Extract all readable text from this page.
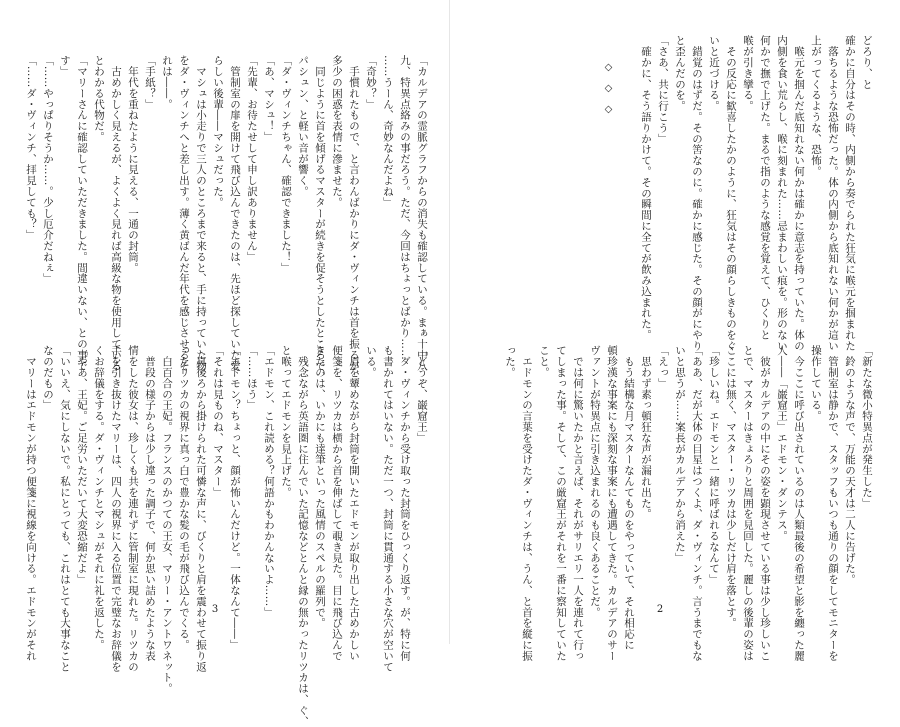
「カルデアの霊脈グラフからの消失も確認している。まぁ十中八
九、特異点絡みの事だろう。ただ、今回はちょっとばかり……
……うーん、奇妙なんだよね」
「奇妙？」
　手慣れたもので、と言わんばかりにダ・ヴィンチは首を振るが、
多少の困惑を表情に滲ませた。
　同じように首を傾げるマスターが続きを促そうとしたところで、
パシュン、と軽い音が響く。
「ダ・ヴィンチちゃん、確認できました！」
「あ、マシュ！」
「先輩、お待たせして申し訳ありません」
　管制室の扉を開けて飛び込んできたのは、先ほど探していた愛
らしい後輩――マシュだった。
　マシュは小走りで三人のところまで来ると、手に持っていた物
をダ・ヴィンチへと差し出す。薄く黄ばんだ年代を感じさせるそ
れは――。
「手紙？」
　年代を重ねたように見える、一通の封筒。
　古めかしく見えるが、よくよく見れば高級な物を使用している
とわかる代物だ。
「マリーさんに確認していただきました。間違いない、との事で
す」
「……やっぱりそうか……。少し厄介だねぇ」
「……ダ・ヴィンチ、拝見しても？」
「どうぞ、巌窟王」
　ダ・ヴィンチから受け取った封筒をひっくり返す。が、特に何
も書かれてはいない。ただ一つ、封筒に貫通する小さな穴が空いて
いる。
　眉を顰めながら封筒を開いたエドモンが取り出した古めかしい
便箋を、リツカは横から首を伸ばして覗き見た。目に飛び込んで
きたのは、いかにも達筆といった風情のスペルの羅列で。
　残念ながら英語圏に住んでいた記憶などとんと縁の無かったリツカは、ぐ、
と喉ってエドモンを見上げた。
「エドモン、これ読める？何語かもわかんないよ……」
「……ほう」
「エドモン？ちょっと、顔が怖いんだけど。一体なんて――」
「それは見ものね、マスター」
　真後ろから掛けられた可憐な声に、びくりと肩を震わせて振り返
ったリツカの視界に真っ白で豊かな髪の毛が飛び込んでくる。
　白百合の王妃。フランスのかつての王女、マリー・アントワネット。
　普段の様子からは少し違った調子で、何か思い詰めたような表
情をした彼女は、珍しくも共を連れずに管制室に現れた。リツカの
手を引き抜けたマリーは、四人の視界に入る位置で完璧なお辞儀を
くお辞儀をする。ダ・ヴィンチとマシュがそれに礼を返した。
「やあ、王妃。ご足労いただいて大変恐縮だよ」
「いいえ、気にしないで。私にとっても、これはとても大事なこと
なのだもの」
　マリーはエドモンが持つ便箋に視線を向ける。エドモンがそれ	3
どろり、と
確かに自分はその時、内側から奏でられた狂気に喉元を掴まれた
　落ちるような恐怖だった。体の内側から底知れない何かが這い
上がってくるような、恐怖。
　喉元を掴んだ底知れない何かは確かに意志を持っていた。体の
内側を食い荒らし、喉に刻まれた……忌まわしい痕を。形のない
何かで撫で上げた。まるで指のような感覚を覚えて、ひくりと
喉が引き攣る。
　その反応に歓喜したかのように、狂気はその顔らしきものをぐ
いと近づける。
　錯覚のはずだ。その筈なのに。確かに感じた。その顔がにやり
と歪んだのを。
「さあ、共に行こう」
　確かに、そう語りかけて。その瞬間に全てが飲み込まれた。
◇　◇　◇
「新たな微小特異点が発生した」
　鈴のような声で、万能の天才は二人に告げた。
　管制室は静かで、スタッフもいつも通りの顔をしてモニターを
操作している。
　今ここに呼び出されているのは人類最後の希望と影を纏った麗
人――「巌窟王」エドモン・ダンテス。
　彼がカルデアの中にその姿を顕現させている事は少し珍しいこ
とで、マスターはきょろりと周囲を見回した。麗しの後輩の姿は
ここには無く、マスター・リツカは少しだけ肩を落とす。
「珍しいね。エドモンと一緒に呼ばれるなんて」
「ああ、だが大体の目星はつくよ、ダ・ヴィンチ。言うまでもな
いと思うが……案長がカルデアから消えた」
「えっ」
　思わず素っ頓狂な声が漏れ出た。
　もう結構な月マスターなんてものをやっていて、それ相応に
頓珍漢な事案にも深刻な事案にも遭遇してきた。カルデアのサー
ヴァントが特異点に引き込まれるのも良くあることだ。
　では何に驚いたかと言えば、それがサリエリ一人を連れて行っ
てしまった事。そして、この厳窟王がそれを一番に察知していた
こと。
　エドモンの言葉を受けたダ・ヴィンチは、うん、と首を縦に振
った。
2
